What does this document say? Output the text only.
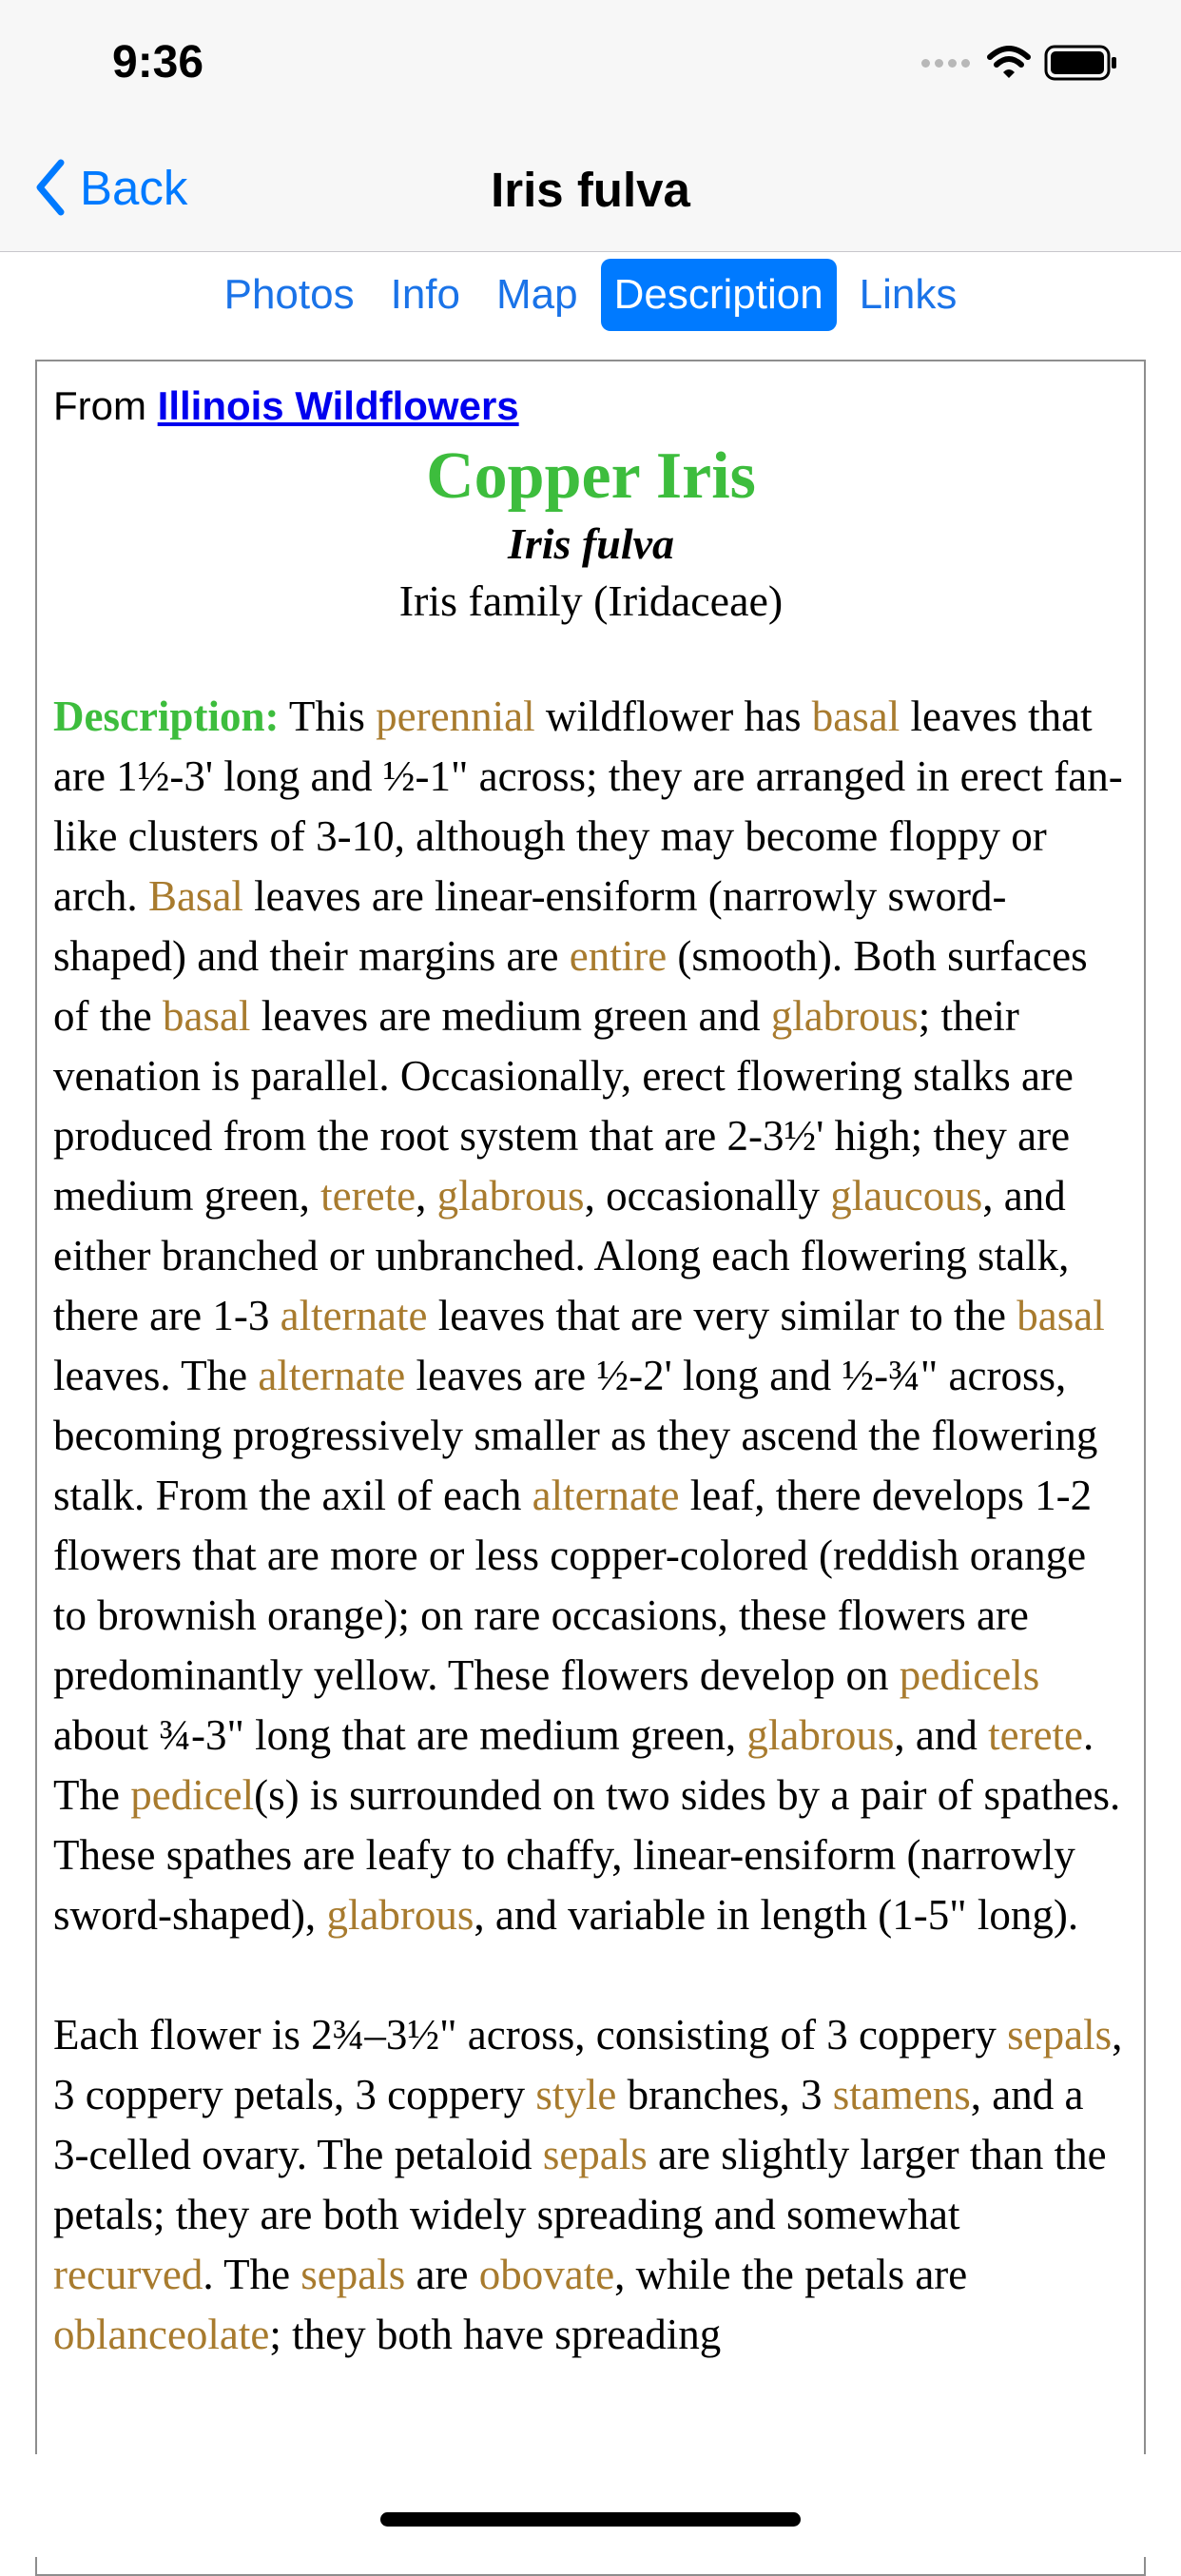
9:36
Back	Iris fulva
Photos Info Map Description Links
From Illinois Wildflowers
Copper Iris
Iris fulva
Iris family (Iridaceae)

Description: This perennial wildflower has basal leaves that are 1½-3' long and ½-1" across; they are arranged in erect fan-like clusters of 3-10, although they may become floppy or arch. Basal leaves are linear-ensiform (narrowly sword-shaped) and their margins are entire (smooth). Both surfaces of the basal leaves are medium green and glabrous; their venation is parallel. Occasionally, erect flowering stalks are produced from the root system that are 2-3½' high; they are medium green, terete, glabrous, occasionally glaucous, and either branched or unbranched. Along each flowering stalk, there are 1-3 alternate leaves that are very similar to the basal leaves. The alternate leaves are ½-2' long and ½-¾" across, becoming progressively smaller as they ascend the flowering stalk. From the axil of each alternate leaf, there develops 1-2 flowers that are more or less copper-colored (reddish orange to brownish orange); on rare occasions, these flowers are predominantly yellow. These flowers develop on pedicels about ¾-3" long that are medium green, glabrous, and terete. The pedicel(s) is surrounded on two sides by a pair of spathes. These spathes are leafy to chaffy, linear-ensiform (narrowly sword-shaped), glabrous, and variable in length (1-5" long).

Each flower is 2¾–3½" across, consisting of 3 coppery sepals, 3 coppery petals, 3 coppery style branches, 3 stamens, and a 3-celled ovary. The petaloid sepals are slightly larger than the petals; they are both widely spreading and somewhat recurved. The sepals are obovate, while the petals are oblanceolate; they both have spreading
